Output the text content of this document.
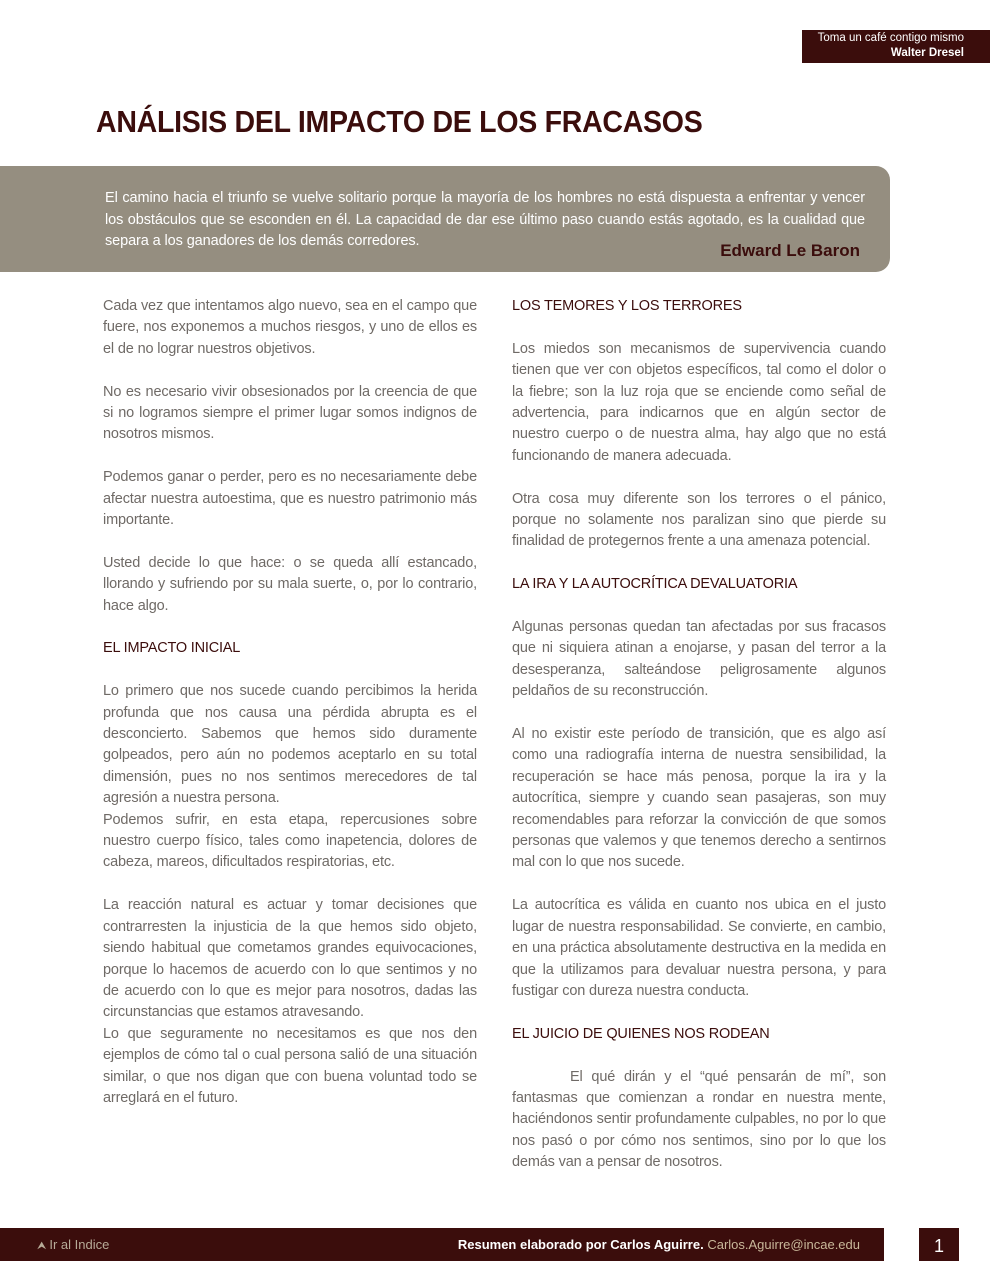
Toma un café contigo mismo
Walter Dresel
ANÁLISIS DEL IMPACTO DE LOS FRACASOS
El camino hacia el triunfo se vuelve solitario porque la mayoría de los hombres no está dispuesta a enfrentar y vencer los obstáculos que se esconden en él. La capacidad de dar ese último paso cuando estás agotado, es la cualidad que separa a los ganadores de los demás corredores.	Edward Le Baron

Cada vez que intentamos algo nuevo, sea en el campo que fuere, nos exponemos a muchos riesgos, y uno de ellos es el de no lograr nuestros objetivos.

No es necesario vivir obsesionados por la creencia de que si no logramos siempre el primer lugar somos indignos de nosotros mismos.

Podemos ganar o perder, pero es no necesariamente debe afectar nuestra autoestima, que es nuestro patrimonio más importante.

Usted decide lo que hace: o se queda allí estancado, llorando y sufriendo por su mala suerte, o, por lo contrario, hace algo.

EL IMPACTO INICIAL

Lo primero que nos sucede cuando percibimos la herida profunda que nos causa una pérdida abrupta es el desconcierto. Sabemos que hemos sido duramente golpeados, pero aún no podemos aceptarlo en su total dimensión, pues no nos sentimos merecedores de tal agresión a nuestra persona.

Podemos sufrir, en esta etapa, repercusiones sobre nuestro cuerpo físico, tales como inapetencia, dolores de cabeza, mareos, dificultados respiratorias, etc.

La reacción natural es actuar y tomar decisiones que contrarresten la injusticia de la que hemos sido objeto, siendo habitual que cometamos grandes equivocaciones, porque lo hacemos de acuerdo con lo que sentimos y no de acuerdo con lo que es mejor para nosotros, dadas las circunstancias que estamos atravesando.

Lo que seguramente no necesitamos es que nos den ejemplos de cómo tal o cual persona salió de una situación similar, o que nos digan que con buena voluntad todo se arreglará en el futuro.

LOS TEMORES Y LOS TERRORES

Los miedos son mecanismos de supervivencia cuando tienen que ver con objetos específicos, tal como el dolor o la fiebre; son la luz roja que se enciende como señal de advertencia, para indicarnos que en algún sector de nuestro cuerpo o de nuestra alma, hay algo que no está funcionando de manera adecuada.

Otra cosa muy diferente son los terrores o el pánico, porque no solamente nos paralizan sino que pierde su finalidad de protegernos frente a una amenaza potencial.

LA IRA Y LA AUTOCRÍTICA DEVALUATORIA

Algunas personas quedan tan afectadas por sus fracasos que ni siquiera atinan a enojarse, y pasan del terror a la desesperanza, salteándose peligrosamente algunos peldaños de su reconstrucción.

Al no existir este período de transición, que es algo así como una radiografía interna de nuestra sensibilidad, la recuperación se hace más penosa, porque la ira y la autocrítica, siempre y cuando sean pasajeras, son muy recomendables para reforzar la convicción de que somos personas que valemos y que tenemos derecho a sentirnos mal con lo que nos sucede.

La autocrítica es válida en cuanto nos ubica en el justo lugar de nuestra responsabilidad. Se convierte, en cambio, en una práctica absolutamente destructiva en la medida en que la utilizamos para devaluar nuestra persona, y para fustigar con dureza nuestra conducta.

EL JUICIO DE QUIENES NOS RODEAN

El qué dirán y el “qué pensarán de mí”, son fantasmas que comienzan a rondar en nuestra mente, haciéndonos sentir profundamente culpables, no por lo que nos pasó o por cómo nos sentimos, sino por lo que los demás van a pensar de nosotros.

⮝ Ir al Indice	Resumen elaborado por Carlos Aguirre. Carlos.Aguirre@incae.edu	1
